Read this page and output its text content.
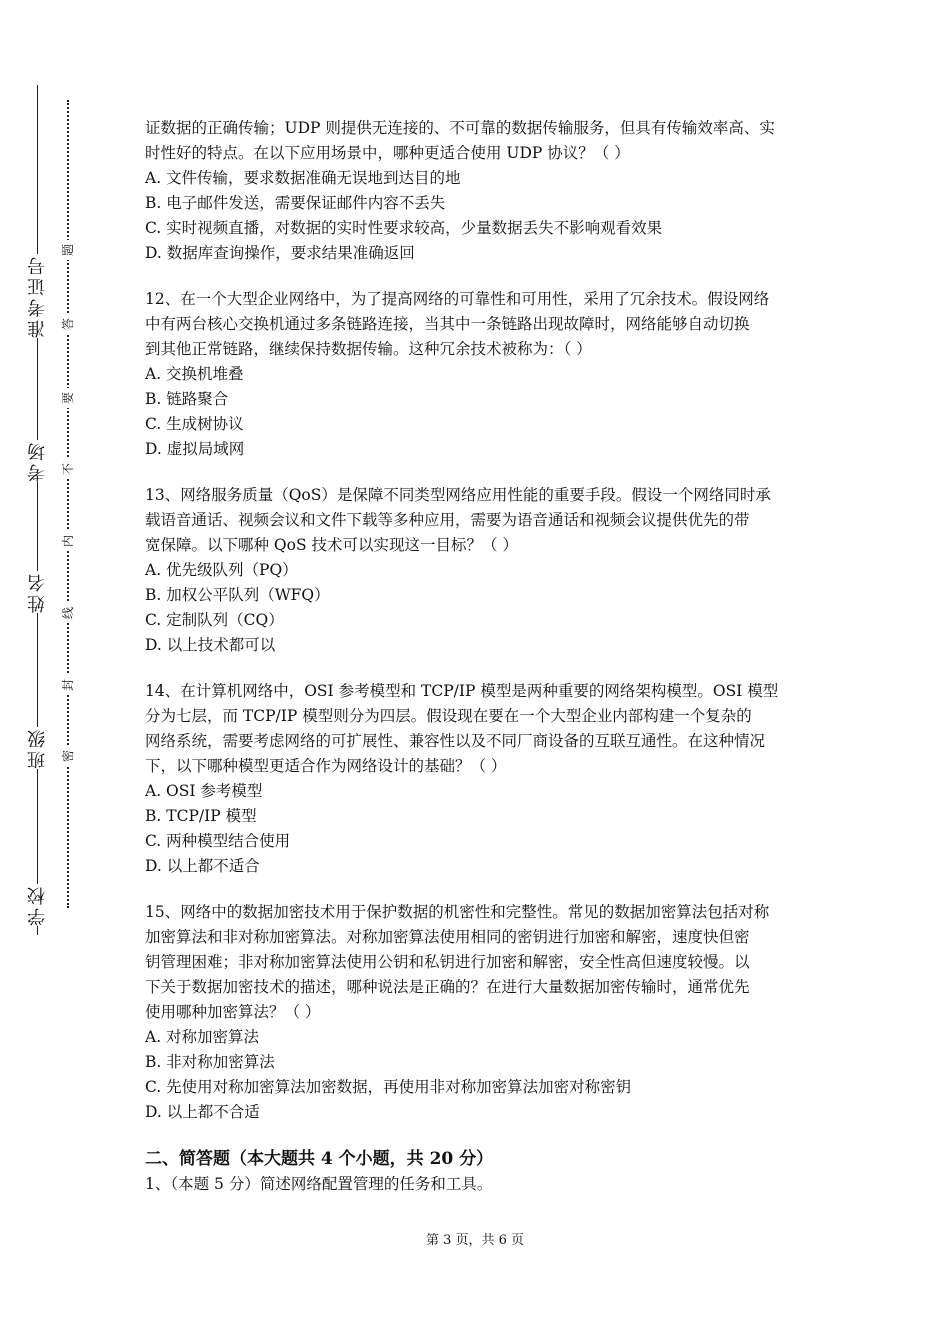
准考证号
考场
姓名
班级
学校
题
答
要
不
内
线
封
密
证数据的正确传输；UDP 则提供无连接的、不可靠的数据传输服务，但具有传输效率高、实
时性好的特点。在以下应用场景中，哪种更适合使用 UDP 协议？（ ）
A. 文件传输，要求数据准确无误地到达目的地
B. 电子邮件发送，需要保证邮件内容不丢失
C. 实时视频直播，对数据的实时性要求较高，少量数据丢失不影响观看效果
D. 数据库查询操作，要求结果准确返回
12、在一个大型企业网络中，为了提高网络的可靠性和可用性，采用了冗余技术。假设网络
中有两台核心交换机通过多条链路连接，当其中一条链路出现故障时，网络能够自动切换
到其他正常链路，继续保持数据传输。这种冗余技术被称为：（ ）
A. 交换机堆叠
B. 链路聚合
C. 生成树协议
D. 虚拟局域网
13、网络服务质量（QoS）是保障不同类型网络应用性能的重要手段。假设一个网络同时承
载语音通话、视频会议和文件下载等多种应用，需要为语音通话和视频会议提供优先的带
宽保障。以下哪种 QoS 技术可以实现这一目标？（ ）
A. 优先级队列（PQ）
B. 加权公平队列（WFQ）
C. 定制队列（CQ）
D. 以上技术都可以
14、在计算机网络中，OSI 参考模型和 TCP/IP 模型是两种重要的网络架构模型。OSI 模型
分为七层，而 TCP/IP 模型则分为四层。假设现在要在一个大型企业内部构建一个复杂的
网络系统，需要考虑网络的可扩展性、兼容性以及不同厂商设备的互联互通性。在这种情况
下，以下哪种模型更适合作为网络设计的基础？（ ）
A. OSI 参考模型
B. TCP/IP 模型
C. 两种模型结合使用
D. 以上都不适合
15、网络中的数据加密技术用于保护数据的机密性和完整性。常见的数据加密算法包括对称
加密算法和非对称加密算法。对称加密算法使用相同的密钥进行加密和解密，速度快但密
钥管理困难；非对称加密算法使用公钥和私钥进行加密和解密，安全性高但速度较慢。以
下关于数据加密技术的描述，哪种说法是正确的？在进行大量数据加密传输时，通常优先
使用哪种加密算法？（ ）
A. 对称加密算法
B. 非对称加密算法
C. 先使用对称加密算法加密数据，再使用非对称加密算法加密对称密钥
D. 以上都不合适
二、简答题（本大题共 4 个小题，共 20 分）
1、（本题 5 分）简述网络配置管理的任务和工具。
第 3 页，共 6 页
